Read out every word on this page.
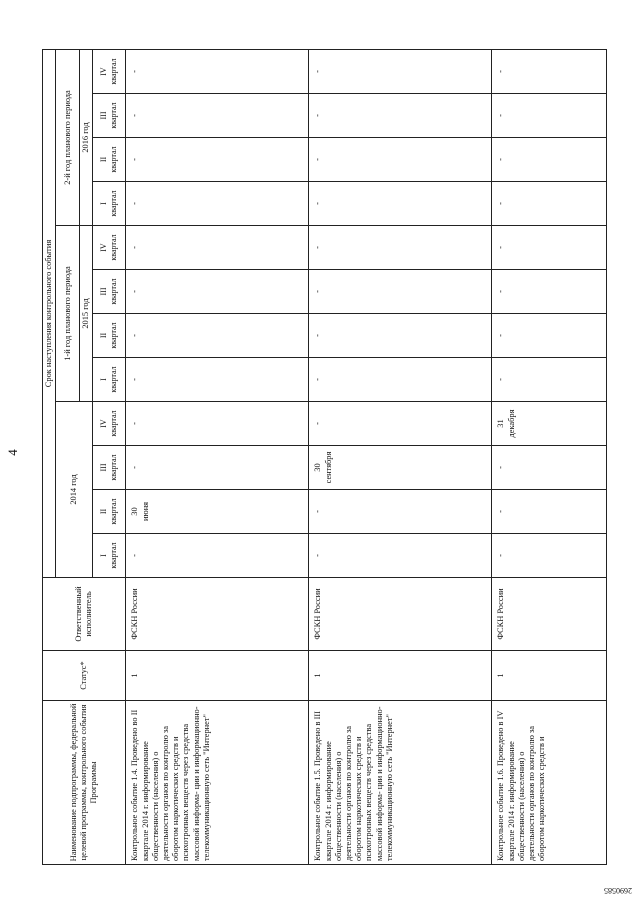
4
Наименование подпрограммы, федеральной целевой программы, контрольного события Программы	Статус*	Ответственный исполнитель	Срок наступления контрольного события											
			2014 год				1-й год планового периода				2-й год планового периода			
							2015 год				2016 год			

			I квартал	II квартал	III квартал	IV квартал	I квартал	II квартал	III квартал	IV квартал	I квартал	II квартал	III квартал	IV квартал

Контрольное событие 1.4. Проведено во II квартале 2014 г. информирование общественности (населения) о деятельности органов по контролю за оборотом наркотических средств и психотропных веществ через средства массовой информа- ции и информационно- телекоммуникационную сеть "Интернет"	1	ФСКН России	-	30 июня	-	-	-	-	-	-	-	-	-	-

Контрольное событие 1.5. Проведено в III квартале 2014 г. информирование общественности (населения) о деятельности органов по контролю за оборотом наркотических средств и психотропных веществ через средства массовой информа- ции и информационно- телекоммуникационную сеть "Интернет"	1	ФСКН России	-	-	30 сентября	-	-	-	-	-	-	-	-	-

Контрольное событие 1.6. Проведено в IV квартале 2014 г. информирование общественности (населения) о деятельности органов по контролю за оборотом наркотических средств и	1	ФСКН России	-	-	-	31 декабря	-	-	-	-	-	-	-	-
2690585
